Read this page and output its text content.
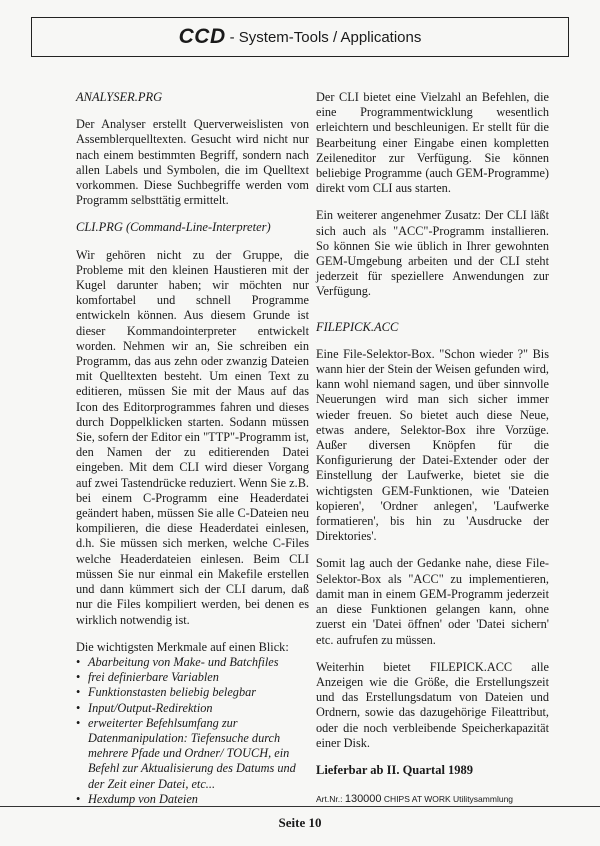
CCD - System-Tools / Applications
ANALYSER.PRG

Der Analyser erstellt Querverweislisten von Assemblerquelltexten. Gesucht wird nicht nur nach einem bestimmten Begriff, sondern nach allen Labels und Symbolen, die im Quelltext vorkommen. Diese Suchbegriffe werden vom Programm selbsttätig ermittelt.

CLI.PRG (Command-Line-Interpreter)

Wir gehören nicht zu der Gruppe, die Probleme mit den kleinen Haustieren mit der Kugel darunter haben; wir möchten nur komfortabel und schnell Programme entwickeln können. Aus diesem Grunde ist dieser Kommandointerpreter entwickelt worden. Nehmen wir an, Sie schreiben ein Programm, das aus zehn oder zwanzig Dateien mit Quelltexten besteht. Um einen Text zu editieren, müssen Sie mit der Maus auf das Icon des Editorprogrammes fahren und dieses durch Doppelklicken starten. Sodann müssen Sie, sofern der Editor ein "TTP"-Programm ist, den Namen der zu editierenden Datei eingeben. Mit dem CLI wird dieser Vorgang auf zwei Tastendrücke reduziert. Wenn Sie z.B. bei einem C-Programm eine Headerdatei geändert haben, müssen Sie alle C-Dateien neu kompilieren, die diese Headerdatei einlesen, d.h. Sie müssen sich merken, welche C-Files welche Headerdateien einlesen. Beim CLI müssen Sie nur einmal ein Makefile erstellen und dann kümmert sich der CLI darum, daß nur die Files kompiliert werden, bei denen es wirklich notwendig ist.

Die wichtigsten Merkmale auf einen Blick:
• Abarbeitung von Make- und Batchfiles
• frei definierbare Variablen
• Funktionstasten beliebig belegbar
• Input/Output-Redirektion
• erweiterter Befehlsumfang zur Datenmanipulation: Tiefensuche durch mehrere Pfade und Ordner/ TOUCH, ein Befehl zur Aktualisierung des Datums und der Zeit einer Datei, etc...
• Hexdump von Dateien

Der CLI bietet eine Vielzahl an Befehlen, die eine Programmentwicklung wesentlich erleichtern und beschleunigen. Er stellt für die Bearbeitung einer Eingabe einen kompletten Zeileneditor zur Verfügung. Sie können beliebige Programme (auch GEM-Programme) direkt vom CLI aus starten.

Ein weiterer angenehmer Zusatz: Der CLI läßt sich auch als "ACC"-Programm installieren. So können Sie wie üblich in Ihrer gewohnten GEM-Umgebung arbeiten und der CLI steht jederzeit für speziellere Anwendungen zur Verfügung.

FILEPICK.ACC

Eine File-Selektor-Box. "Schon wieder ?" Bis wann hier der Stein der Weisen gefunden wird, kann wohl niemand sagen, und über sinnvolle Neuerungen wird man sich sicher immer wieder freuen. So bietet auch diese Neue, etwas andere, Selektor-Box ihre Vorzüge. Außer diversen Knöpfen für die Konfigurierung der Datei-Extender oder der Einstellung der Laufwerke, bietet sie die wichtigsten GEM-Funktionen, wie 'Dateien kopieren', 'Ordner anlegen', 'Laufwerke formatieren', bis hin zu 'Ausdrucke der Direktories'.

Somit lag auch der Gedanke nahe, diese File-Selektor-Box als "ACC" zu implementieren, damit man in einem GEM-Programm jederzeit an diese Funktionen gelangen kann, ohne zuerst ein 'Datei öffnen' oder 'Datei sichern' etc. aufrufen zu müssen.

Weiterhin bietet FILEPICK.ACC alle Anzeigen wie die Größe, die Erstellungszeit und das Erstellungsdatum von Dateien und Ordnern, sowie das dazugehörige Fileattribut, oder die noch verbleibende Speicherkapazität einer Disk.

Lieferbar ab II. Quartal 1989
Art.Nr.: 130000 CHIPS AT WORK Utilitysammlung
Seite 10
